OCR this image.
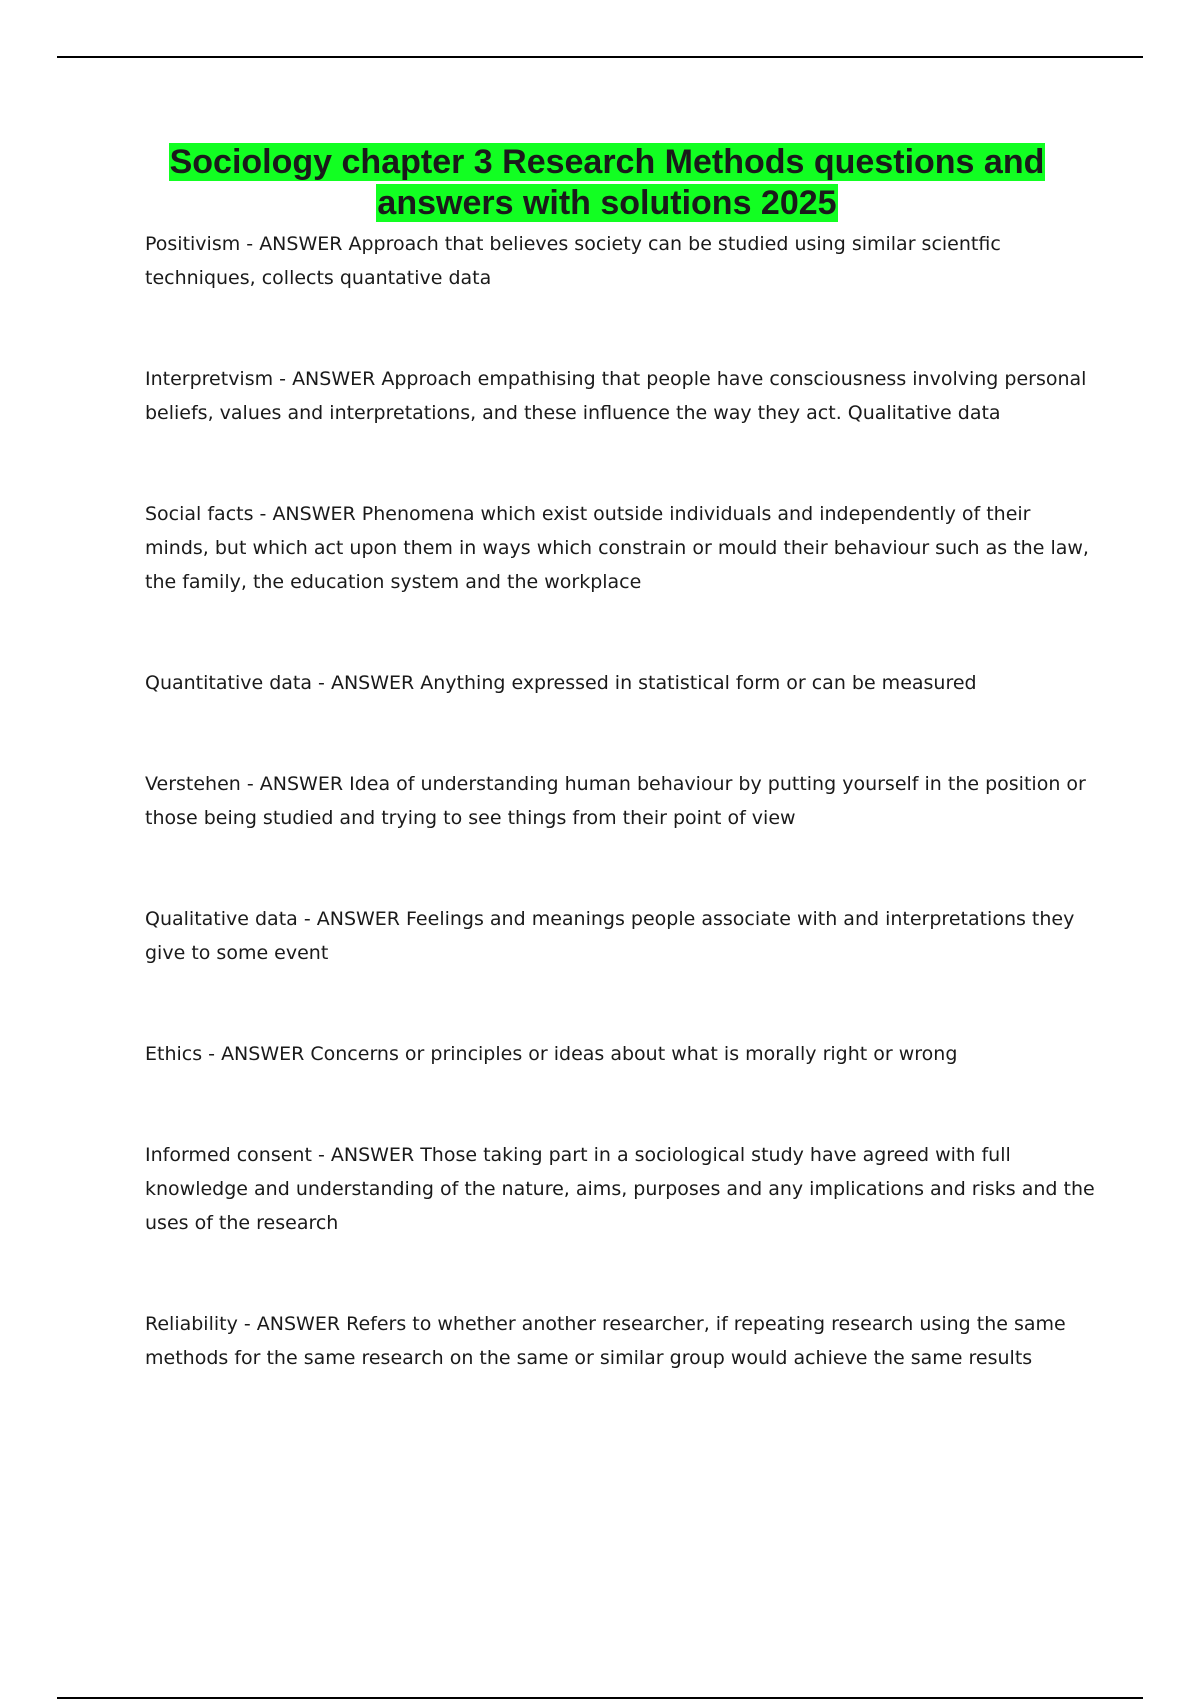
Sociology chapter 3 Research Methods questions and answers with solutions 2025
Positivism - ANSWER Approach that believes society can be studied using similar scientfic techniques, collects quantative data
Interpretvism - ANSWER Approach empathising that people have consciousness involving personal beliefs, values and interpretations, and these influence the way they act. Qualitative data
Social facts - ANSWER Phenomena which exist outside individuals and independently of their minds, but which act upon them in ways which constrain or mould their behaviour such as the law, the family, the education system and the workplace
Quantitative data - ANSWER Anything expressed in statistical form or can be measured
Verstehen - ANSWER Idea of understanding human behaviour by putting yourself in the position or those being studied and trying to see things from their point of view
Qualitative data - ANSWER Feelings and meanings people associate with and interpretations they give to some event
Ethics - ANSWER Concerns or principles or ideas about what is morally right or wrong
Informed consent - ANSWER Those taking part in a sociological study have agreed with full knowledge and understanding of the nature, aims, purposes and any implications and risks and the uses of the research
Reliability - ANSWER Refers to whether another researcher, if repeating research using the same methods for the same research on the same or similar group would achieve the same results
